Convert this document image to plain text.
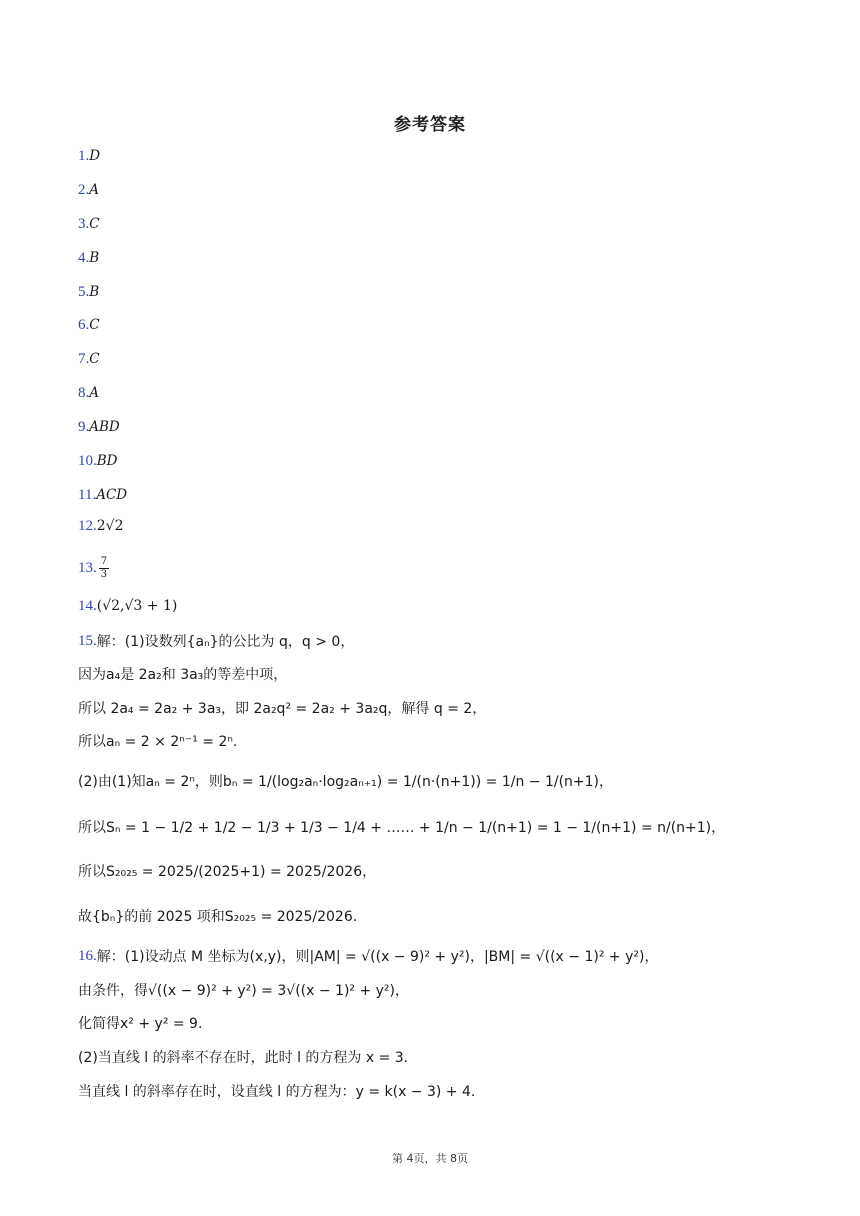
参考答案
1. D
2. A
3. C
4. B
5. B
6. C
7. C
8. A
9. ABD
10. BD
11. ACD
12. 2√2
13. $\frac{7}{3}$
14. (√2,√3 + 1)
15. 解：(1)设数列{aₙ}的公比为 q，q > 0，
因为a₄是 2a₂和 3a₃的等差中项，
所以 2a₄ = 2a₂ + 3a₃，即 2a₂q² = 2a₂ + 3a₂q，解得 q = 2，
所以aₙ = 2 × 2ⁿ⁻¹ = 2ⁿ.
(2)由(1)知aₙ = 2ⁿ，则bₙ = 1/(log₂aₙ·log₂aₙ₊₁) = 1/(n·(n+1)) = 1/n − 1/(n+1)，
所以Sₙ = 1 − 1/2 + 1/2 − 1/3 + 1/3 − 1/4 + …… + 1/n − 1/(n+1) = 1 − 1/(n+1) = n/(n+1)，
所以S₂₀₂₅ = 2025/(2025+1) = 2025/2026，
故{bₙ}的前 2025 项和S₂₀₂₅ = 2025/2026.
16. 解：(1)设动点 M 坐标为(x,y)，则|AM| = √((x − 9)² + y²)，|BM| = √((x − 1)² + y²)，
由条件，得√((x − 9)² + y²) = 3√((x − 1)² + y²)，
化简得x² + y² = 9.
(2)当直线 l 的斜率不存在时，此时 l 的方程为 x = 3.
当直线 l 的斜率存在时，设直线 l 的方程为：y = k(x − 3) + 4.
第 4页，共 8页
